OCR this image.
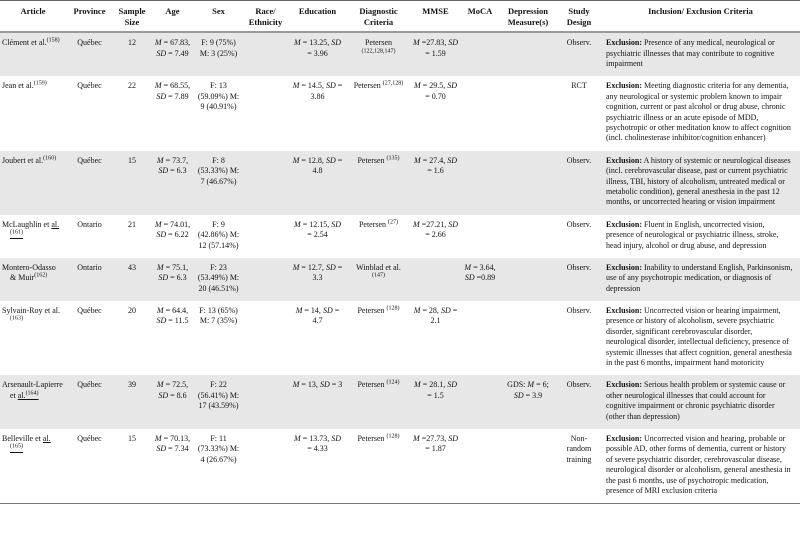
Article	Province	Sample Size	Age	Sex	Race/ Ethnicity	Education	Diagnostic Criteria	MMSE	MoCA	Depression Measure(s)	Study Design	Inclusion/ Exclusion Criteria
Clément et al.$^{(158)}$	Québec	12	M = 67.83, SD = 7.49	F: 9 (75%) M: 3 (25%)		M = 13.25, SD = 3.96	Petersen $^{(122,128,147)}$	M =27.83, SD = 1.59			Observ.	Exclusion: Presence of any medical, neurological or psychiatric illnesses that may contribute to cognitive impairment
Jean et al.$^{(159)}$	Québec	22	M = 68.55, SD = 7.89	F: 13 (59.09%) M: 9 (40.91%)		M = 14.5, SD = 3.86	Petersen $^{(27,128)}$	M = 29.5, SD = 0.70			RCT	Exclusion: Meeting diagnostic criteria for any dementia, any neurological or systemic problem known to impair cognition, current or past alcohol or drug abuse, chronic psychiatric illness or an acute episode of MDD, psychotropic or other meditation know to affect cognition (incl. cholinesterase inhibitor/cognition enhancer)
Joubert et al.$^{(160)}$	Québec	15	M = 73.7, SD = 6.3	F: 8 (53.33%) M: 7 (46.67%)		M = 12.8, SD = 4.8	Petersen $^{(135)}$	M = 27.4, SD = 1.6			Observ.	Exclusion: A history of systemic or neurological diseases (incl. cerebrovascular disease, past or current psychiatric illness, TBI, history of alcoholism, untreated medical or metabolic condition), general anesthesia in the past 12 months, or uncorrected hearing or vision impairment
McLaughlin et al.$^{(161)}$	Ontario	21	M = 74.01, SD = 6.22	F: 9 (42.86%) M: 12 (57.14%)		M = 12.15, SD = 2.54	Petersen $^{(27)}$	M =27.21, SD = 2.66			Observ.	Exclusion: Fluent in English, uncorrected vision, presence of neurological or psychiatric illness, stroke, head injury, alcohol or drug abuse, and depression
Montero-Odasso & Muir$^{(162)}$	Ontario	43	M = 75.1, SD = 6.3	F: 23 (53.49%) M: 20 (46.51%)		M = 12.7, SD = 3.3	Winblad et al. $^{(147)}$		M = 3.64, SD =0.89		Observ.	Exclusion: Inability to understand English, Parkinsonism, use of any psychotropic medication, or diagnosis of depression
Sylvain-Roy et al.$^{(163)}$	Québec	20	M = 64.4, SD = 11.5	F: 13 (65%) M: 7 (35%)		M = 14, SD = 4.7	Petersen $^{(128)}$	M = 28, SD = 2.1			Observ.	Exclusion: Uncorrected vision or hearing impairment, presence or history of alcoholism, severe psychiatric disorder, significant cerebrovascular disorder, neurological disorder, intellectual deficiency, presence of systemic illnesses that affect cognition, general anesthesia in the past 6 months, impairment hand motoricity
Arsenault-Lapierre et al.$^{(164)}$	Québec	39	M = 72.5, SD = 8.6	F: 22 (56.41%) M: 17 (43.59%)		M = 13, SD = 3	Petersen $^{(124)}$	M = 28.1, SD = 1.5		GDS: M = 6; SD = 3.9	Observ.	Exclusion: Serious health problem or systemic cause or other neurological illnesses that could account for cognitive impairment or chronic psychiatric disorder (other than depression)
Belleville et al.$^{(165)}$	Québec	15	M = 70.13, SD = 7.34	F: 11 (73.33%) M: 4 (26.67%)		M = 13.73, SD = 4.33	Petersen $^{(128)}$	M =27.73, SD = 1.87			Non-random training	Exclusion: Uncorrected vision and hearing, probable or possible AD, other forms of dementia, current or history of severe psychiatric disorder, cerebrovascular disease, neurological disorder or alcoholism, general anesthesia in the past 6 months, use of psychotropic medication, presence of MRI exclusion criteria
